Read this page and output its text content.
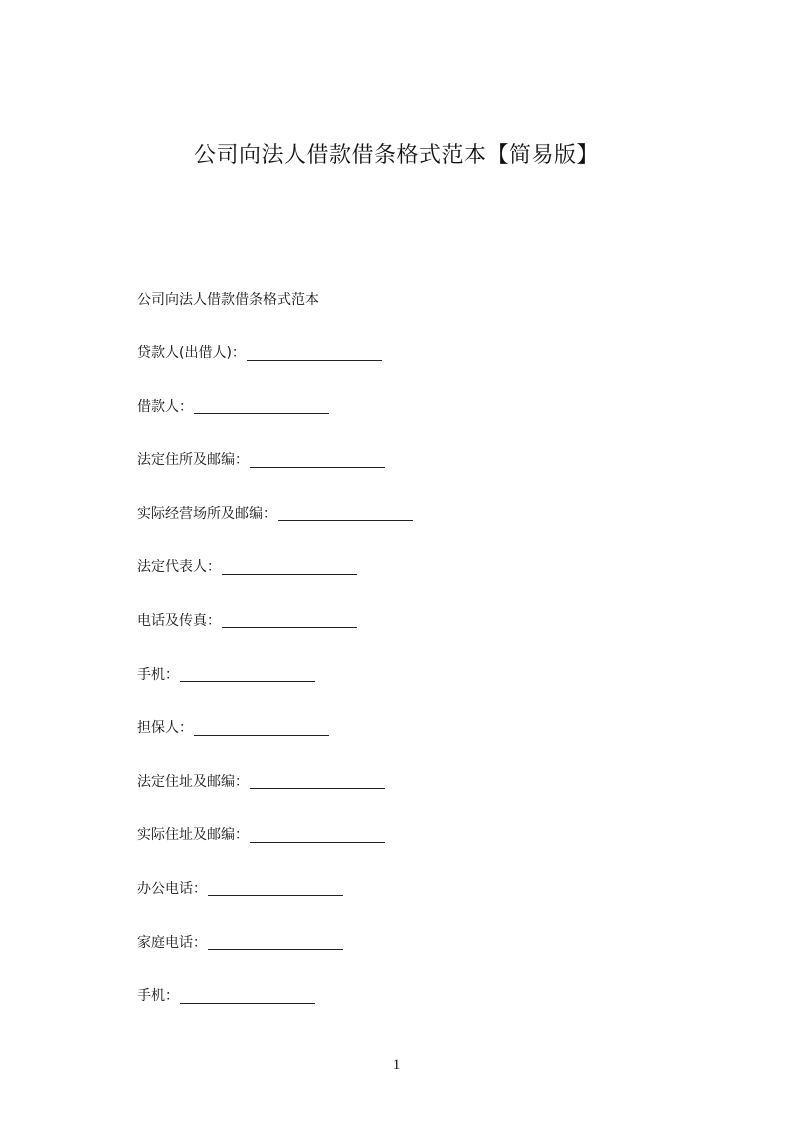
公司向法人借款借条格式范本【简易版】

公司向法人借款借条格式范本

贷款人(出借人)：
借款人：
法定住所及邮编：
实际经营场所及邮编：
法定代表人：
电话及传真：
手机：
担保人：
法定住址及邮编：
实际住址及邮编：
办公电话：
家庭电话：
手机：
1
